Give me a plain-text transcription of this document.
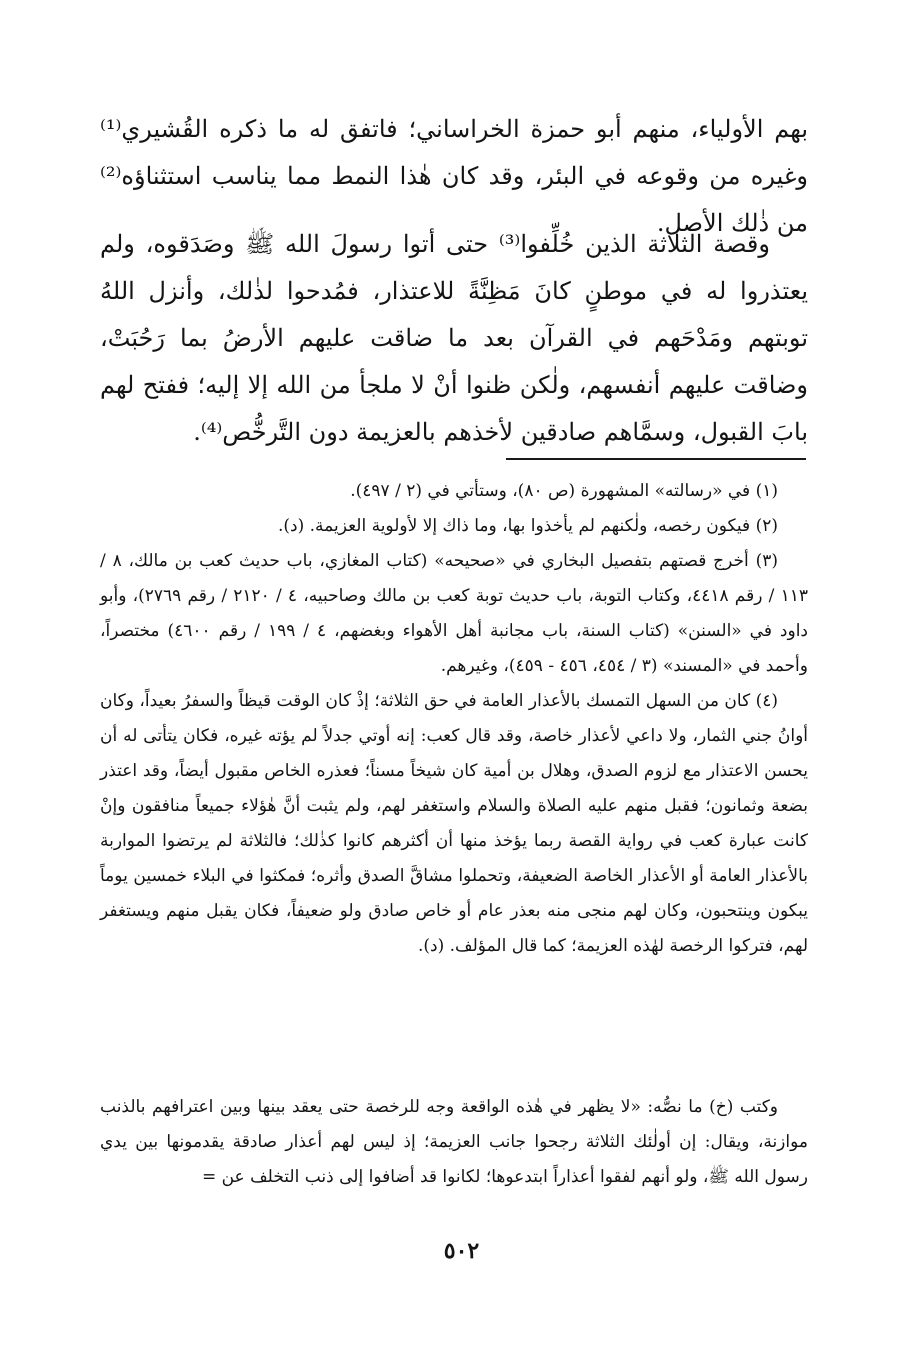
بهم الأولياء، منهم أبو حمزة الخراساني؛ فاتفق له ما ذكره القُشيري⁽¹⁾ وغيره من وقوعه في البئر، وقد كان هٰذا النمط مما يناسب استثناؤه⁽²⁾ من ذٰلك الأصل.

وقصة الثلاثة الذين خُلِّفوا⁽³⁾ حتى أتوا رسولَ الله ﷺ وصَدَقوه، ولم يعتذروا له في موطنٍ كانَ مَظِنَّةً للاعتذار، فمُدحوا لذٰلك، وأنزل اللهُ توبتهم ومَدْحَهم في القرآن بعد ما ضاقت عليهم الأرضُ بما رَحُبَتْ، وضاقت عليهم أنفسهم، ولٰكن ظنوا أنْ لا ملجأ من الله إلا إليه؛ ففتح لهم بابَ القبول، وسمَّاهم صادقين لأخذهم بالعزيمة دون التَّرخُّص⁽⁴⁾.

(١) في «رسالته» المشهورة (ص ٨٠)، وستأتي في (٢ / ٤٩٧).

(٢) فيكون رخصه، ولٰكنهم لم يأخذوا بها، وما ذاك إلا لأولوية العزيمة. (د).

(٣) أخرج قصتهم بتفصيل البخاري في «صحيحه» (كتاب المغازي، باب حديث كعب بن مالك، ٨ / ١١٣ / رقم ٤٤١٨، وكتاب التوبة، باب حديث توبة كعب بن مالك وصاحبيه، ٤ / ٢١٢٠ / رقم ٢٧٦٩)، وأبو داود في «السنن» (كتاب السنة، باب مجانبة أهل الأهواء وبغضهم، ٤ / ١٩٩ / رقم ٤٦٠٠) مختصراً، وأحمد في «المسند» (٣ / ٤٥٤، ٤٥٦ - ٤٥٩)، وغيرهم.

(٤) كان من السهل التمسك بالأعذار العامة في حق الثلاثة؛ إذْ كان الوقت قيظاً والسفرُ بعيداً، وكان أوانُ جني الثمار، ولا داعي لأعذار خاصة، وقد قال كعب: إنه أوتي جدلاً لم يؤته غيره، فكان يتأتى له أن يحسن الاعتذار مع لزوم الصدق، وهلال بن أمية كان شيخاً مسناً؛ فعذره الخاص مقبول أيضاً، وقد اعتذر بضعة وثمانون؛ فقبل منهم عليه الصلاة والسلام واستغفر لهم، ولم يثبت أنَّ هٰؤلاء جميعاً منافقون وإنْ كانت عبارة كعب في رواية القصة ربما يؤخذ منها أن أكثرهم كانوا كذٰلك؛ فالثلاثة لم يرتضوا المواربة بالأعذار العامة أو الأعذار الخاصة الضعيفة، وتحملوا مشاقَّ الصدق وأثره؛ فمكثوا في البلاء خمسين يوماً يبكون وينتحبون، وكان لهم منجى منه بعذر عام أو خاص صادق ولو ضعيفاً، فكان يقبل منهم ويستغفر لهم، فتركوا الرخصة لهٰذه العزيمة؛ كما قال المؤلف. (د).

وكتب (خ) ما نصُّه: «لا يظهر في هٰذه الواقعة وجه للرخصة حتى يعقد بينها وبين اعترافهم بالذنب موازنة، ويقال: إن أولٰئك الثلاثة رجحوا جانب العزيمة؛ إذ ليس لهم أعذار صادقة يقدمونها بين يدي رسول الله ﷺ، ولو أنهم لفقوا أعذاراً ابتدعوها؛ لكانوا قد أضافوا إلى ذنب التخلف عن =

٥٠٢
